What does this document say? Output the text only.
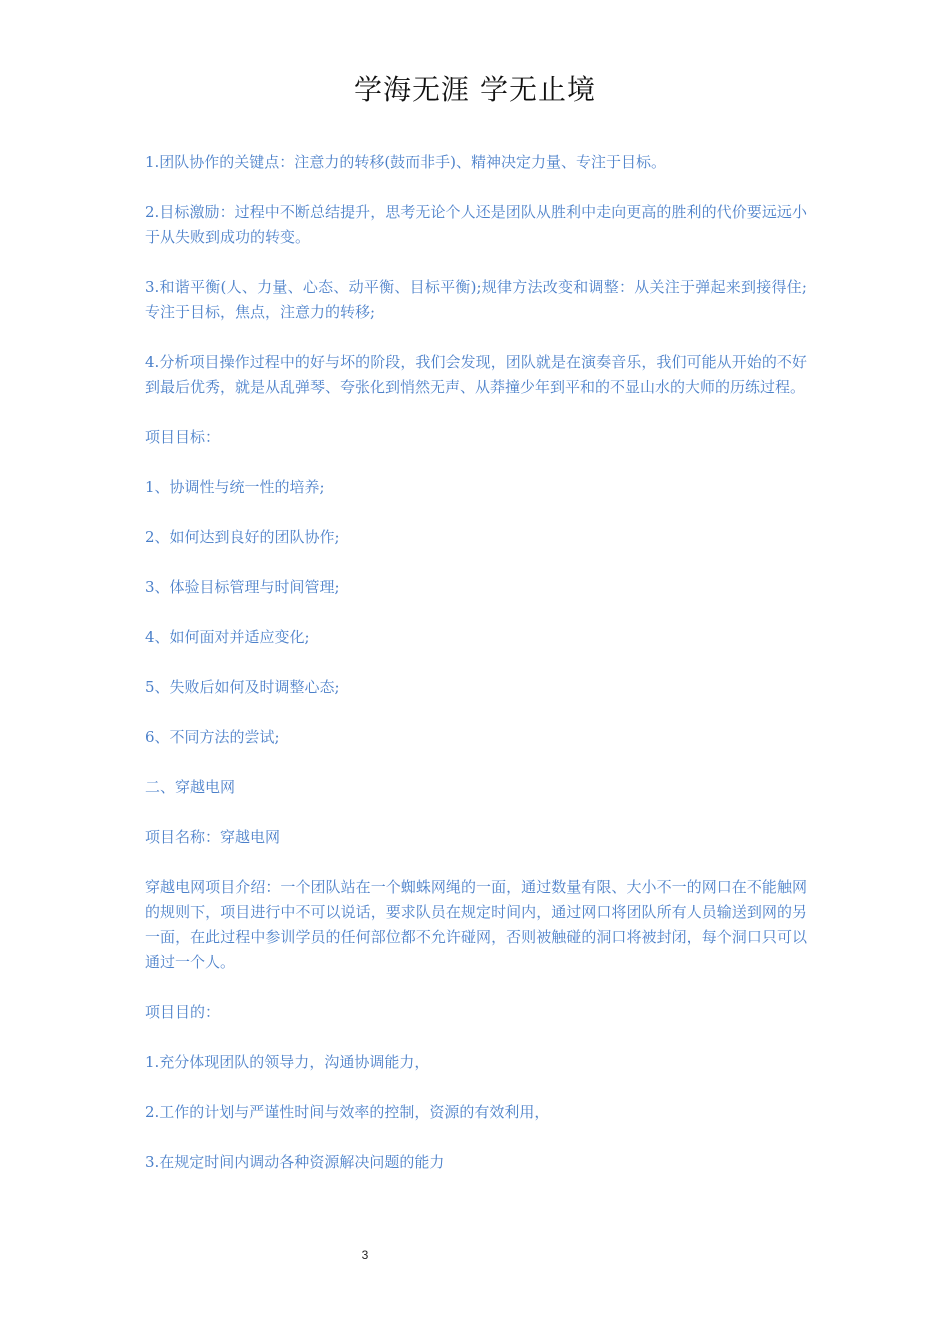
学海无涯 学无止境

1.团队协作的关键点：注意力的转移(鼓而非手)、精神决定力量、专注于目标。

2.目标激励：过程中不断总结提升，思考无论个人还是团队从胜利中走向更高的胜利的代价要远远小于从失败到成功的转变。

3.和谐平衡(人、力量、心态、动平衡、目标平衡);规律方法改变和调整：从关注于弹起来到接得住;专注于目标，焦点，注意力的转移;

4.分析项目操作过程中的好与坏的阶段，我们会发现，团队就是在演奏音乐，我们可能从开始的不好到最后优秀，就是从乱弹琴、夸张化到悄然无声、从莽撞少年到平和的不显山水的大师的历练过程。

项目目标：

1、协调性与统一性的培养;

2、如何达到良好的团队协作;

3、体验目标管理与时间管理;

4、如何面对并适应变化;

5、失败后如何及时调整心态;

6、不同方法的尝试;

二、穿越电网

项目名称：穿越电网

穿越电网项目介绍：一个团队站在一个蜘蛛网绳的一面，通过数量有限、大小不一的网口在不能触网的规则下，项目进行中不可以说话，要求队员在规定时间内，通过网口将团队所有人员输送到网的另一面，在此过程中参训学员的任何部位都不允许碰网，否则被触碰的洞口将被封闭，每个洞口只可以通过一个人。

项目目的：

1.充分体现团队的领导力，沟通协调能力，

2.工作的计划与严谨性时间与效率的控制，资源的有效利用，

3.在规定时间内调动各种资源解决问题的能力

3
